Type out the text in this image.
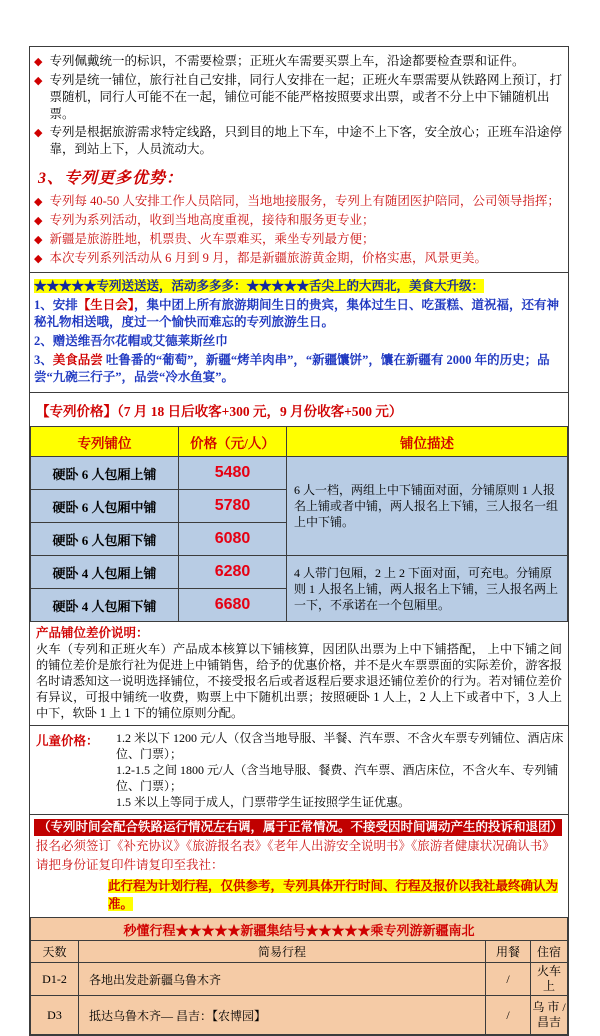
◆ 专列佩戴统一的标识，不需要检票；正班火车需要买票上车，沿途都要检查票和证件。
◆ 专列是统一铺位，旅行社自己安排，同行人安排在一起；正班火车票需要从铁路网上预订，打票随机，同行人可能不在一起，铺位可能不能严格按照要求出票，或者不分上中下铺随机出票。
◆ 专列是根据旅游需求特定线路，只到目的地上下车，中途不上下客，安全放心；正班车沿途停靠，到站上下，人员流动大。
3、专列更多优势：
◆ 专列每 40-50 人安排工作人员陪同，当地地接服务，专列上有随团医护陪同，公司领导指挥；
◆ 专列为系列活动，收到当地高度重视，接待和服务更专业；
◆ 新疆是旅游胜地，机票贵、火车票难买，乘坐专列最方便；
◆ 本次专列系列活动从 6 月到 9 月，都是新疆旅游黄金期，价格实惠，风景更美。
★★★★★专列送送送，活动多多多：★★★★★舌尖上的大西北，美食大升级：
1、安排【生日会】，集中团上所有旅游期间生日的贵宾，集体过生日、吃蛋糕、道祝福，还有神秘礼物相送哦，度过一个愉快而难忘的专列旅游生日。
2、赠送维吾尔花帽或艾德莱斯丝巾
3、美食品尝 吐鲁番的“葡萄”，新疆“烤羊肉串”，“新疆馕饼”，馕在新疆有 2000 年的历史；品尝“九碗三行子”，品尝“冷水鱼宴”。
【专列价格】（7 月 18 日后收客+300 元，9 月份收客+500 元）
专列铺位	价格（元/人）	铺位描述
硬卧 6 人包厢上铺	5480	6 人一档，两组上中下铺面对面，分铺原则 1 人报名上铺或者中铺，两人报名上下铺，三人报名一组上中下铺。
硬卧 6 人包厢中铺	5780	
硬卧 6 人包厢下铺	6080	
硬卧 4 人包厢上铺	6280	4 人带门包厢，2 上 2 下面对面，可充电。分铺原则 1 人报名上铺，两人报名上下铺，三人报名两上一下，不承诺在一个包厢里。
硬卧 4 人包厢下铺	6680	
产品铺位差价说明：
火车（专列和正班火车）产品成本核算以下铺核算，因团队出票为上中下铺搭配， 上中下铺之间的铺位差价是旅行社为促进上中铺销售，给予的优惠价格，并不是火车票票面的实际差价，游客报名时请悉知这一说明选择铺位，不接受报名后或者返程后要求退还铺位差价的行为。若对铺位差价有异议，可报中铺统一收费，购票上中下随机出票；按照硬卧 1 人上，2 人上下或者中下，3 人上中下，软卧 1 上 1 下的铺位原则分配。
儿童价格：	1.2 米以下 1200 元/人（仅含当地导服、半餐、汽车票、不含火车票专列铺位、酒店床位、门票）；
1.2-1.5 之间 1800 元/人（含当地导服、餐费、汽车票、酒店床位，不含火车、专列铺位、门票）；
1.5 米以上等同于成人，门票带学生证按照学生证优惠。
（专列时间会配合铁路运行情况左右调，属于正常情况。不接受因时间调动产生的投诉和退团）
报名必须签订《补充协议》《旅游报名表》《老年人出游安全说明书》《旅游者健康状况确认书》
请把身份证复印件请复印至我社：
此行程为计划行程，仅供参考，专列具体开行时间、行程及报价以我社最终确认为准。
秒懂行程★★★★★新疆集结号★★★★★乘专列游新疆南北			
天数	简易行程	用餐	住宿
D1-2	各地出发赴新疆乌鲁木齐	/	火车上
D3	抵达乌鲁木齐— 昌吉：【农博园】	/	乌 市 / 昌吉
